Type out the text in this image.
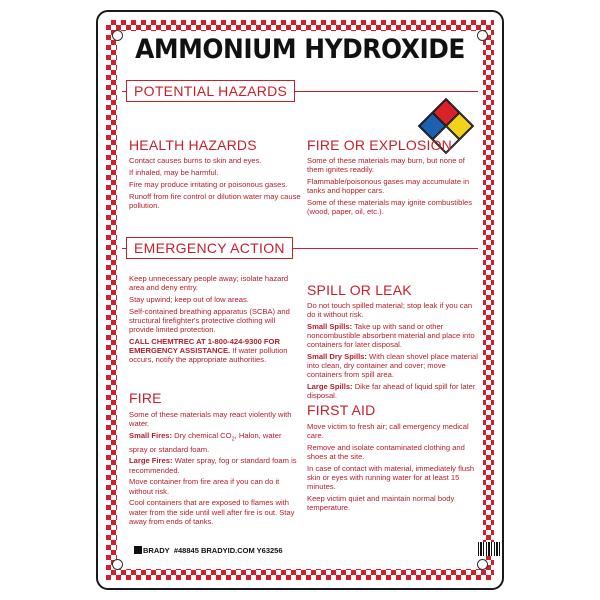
AMMONIUM HYDROXIDE
POTENTIAL HAZARDS
HEALTH HAZARDS

Contact causes burns to skin and eyes.

If inhaled, may be harmful.

Fire may produce irritating or poisonous gases.

Runoff from fire control or dilution water may cause pollution.

FIRE OR EXPLOSION

Some of these materials may burn, but none of them ignites readily.

Flammable/poisonous gases may accumulate in tanks and hopper cars.

Some of these materials may ignite combustibles (wood, paper, oil, etc.).

EMERGENCY ACTION

Keep unnecessary people away; isolate hazard area and deny entry.

Stay upwind; keep out of low areas.

Self-contained breathing apparatus (SCBA) and structural firefighter's protective clothing will provide limited protection.

CALL CHEMTREC AT 1-800-424-9300 FOR EMERGENCY ASSISTANCE. If water pollution occurs, notify the appropriate authorities.

FIRE

Some of these materials may react violently with water.

Small Fires: Dry chemical $CO_2$, Halon, water spray or standard foam.

Large Fires: Water spray, fog or standard foam is recommended.

Move container from fire area if you can do it without risk.

Cool containers that are exposed to flames with water from the side until well after fire is out. Stay away from ends of tanks.

SPILL OR LEAK

Do not touch spilled material; stop leak if you can do it without risk.

Small Spills: Take up with sand or other noncombustible absorbent material and place into containers for later disposal.

Small Dry Spills: With clean shovel place material into clean, dry container and cover; move containers from spill area.

Large Spills: Dike far ahead of liquid spill for later disposal.

FIRST AID

Move victim to fresh air; call emergency medical care.

Remove and isolate contaminated clothing and shoes at the site.

In case of contact with material, immediately flush skin or eyes with running water for at least 15 minutes.

Keep victim quiet and maintain normal body temperature.

BRADY #48845 BRADYID.COM Y63256
